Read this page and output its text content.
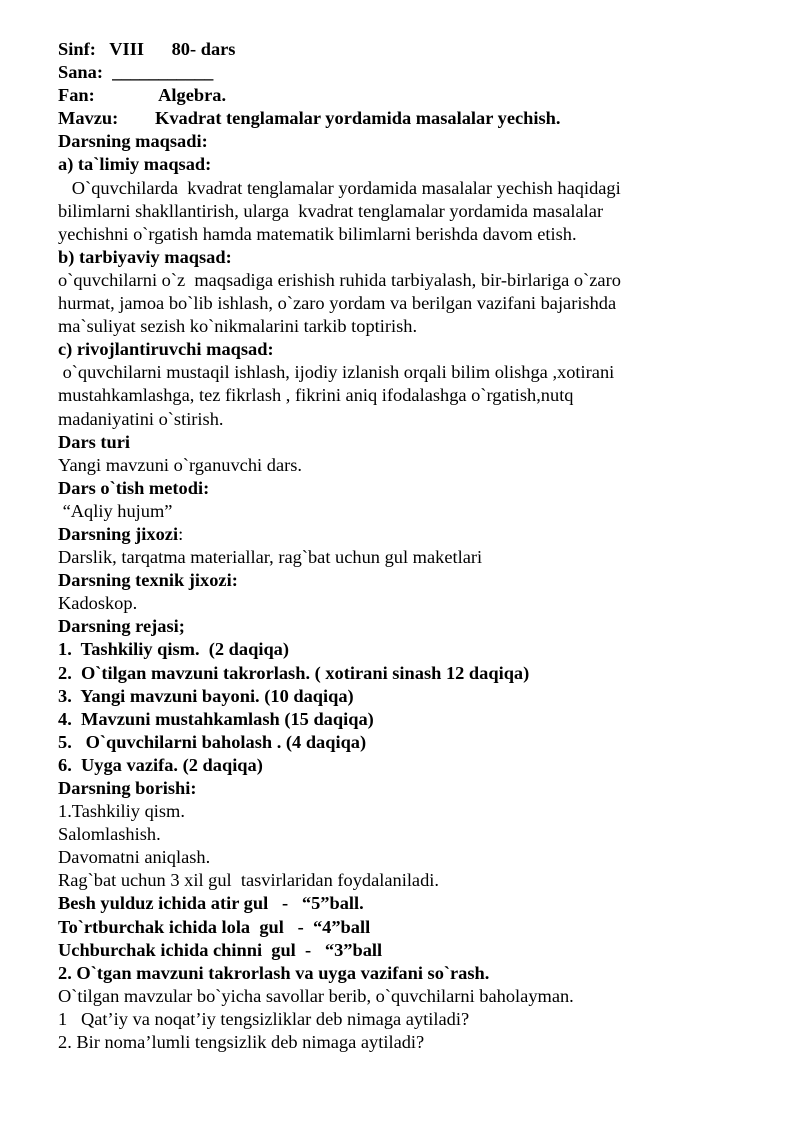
Sinf:   VIII      80- dars
Sana:  ___________
Fan:              Algebra.
Mavzu:        Kvadrat tenglamalar yordamida masalalar yechish.
Darsning maqsadi:
a) ta`limiy maqsad:
O`quvchilarda  kvadrat tenglamalar yordamida masalalar yechish haqidagi
bilimlarni shakllantirish, ularga  kvadrat tenglamalar yordamida masalalar
yechishni o`rgatish hamda matematik bilimlarni berishda davom etish.
b) tarbiyaviy maqsad:
o`quvchilarni o`z  maqsadiga erishish ruhida tarbiyalash, bir-birlariga o`zaro
hurmat, jamoa bo`lib ishlash, o`zaro yordam va berilgan vazifani bajarishda
ma`suliyat sezish ko`nikmalarini tarkib toptirish.
c) rivojlantiruvchi maqsad:
o`quvchilarni mustaqil ishlash, ijodiy izlanish orqali bilim olishga ,xotirani
mustahkamlashga, tez fikrlash , fikrini aniq ifodalashga o`rgatish,nutq
madaniyatini o`stirish.
Dars turi
Yangi mavzuni o`rganuvchi dars.
Dars o`tish metodi:
“Aqliy hujum”
Darsning jixozi:
Darslik, tarqatma materiallar, rag`bat uchun gul maketlari
Darsning texnik jixozi:
Kadoskop.
Darsning rejasi;
1.  Tashkiliy qism.  (2 daqiqa)
2.  O`tilgan mavzuni takrorlash. ( xotirani sinash 12 daqiqa)
3.  Yangi mavzuni bayoni. (10 daqiqa)
4.  Mavzuni mustahkamlash (15 daqiqa)
5.   O`quvchilarni baholash . (4 daqiqa)
6.  Uyga vazifa. (2 daqiqa)
Darsning borishi:
1.Tashkiliy qism.
Salomlashish.
Davomatni aniqlash.
Rag`bat uchun 3 xil gul  tasvirlaridan foydalaniladi.
Besh yulduz ichida atir gul   -   “5”ball.
To`rtburchak ichida lola  gul   -  “4”ball
Uchburchak ichida chinni  gul  -   “3”ball
2. O`tgan mavzuni takrorlash va uyga vazifani so`rash.
O`tilgan mavzular bo`yicha savollar berib, o`quvchilarni baholayman.
1   Qat’iy va noqat’iy tengsizliklar deb nimaga aytiladi?
2. Bir noma’lumli tengsizlik deb nimaga aytiladi?
